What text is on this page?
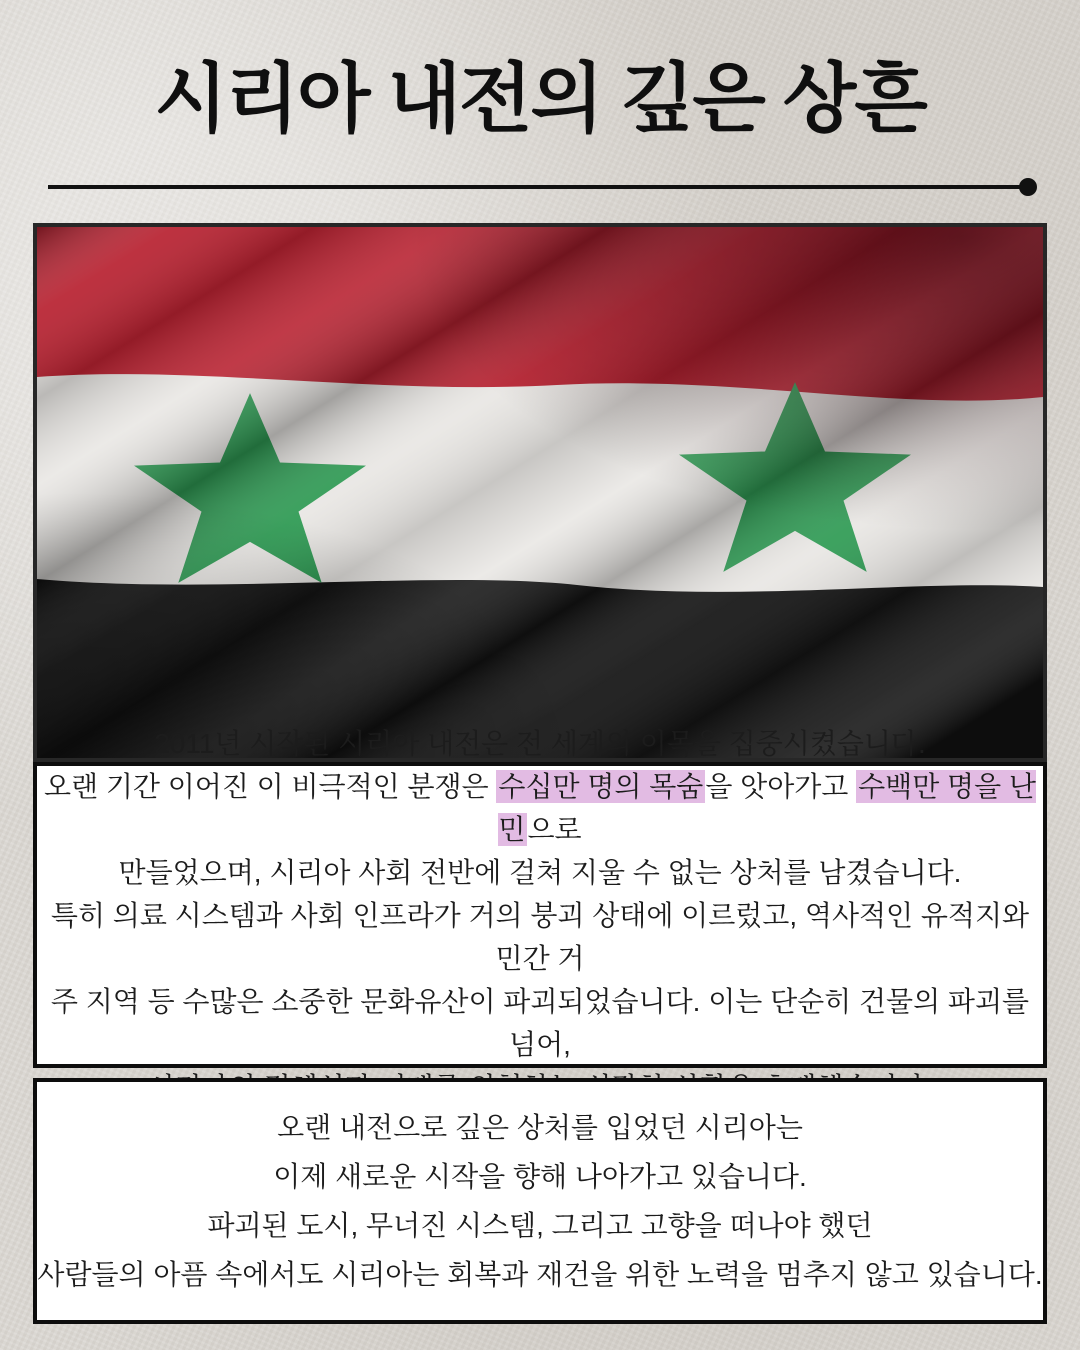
시리아 내전의 깊은 상흔

2011년 시작된 시리아 내전은 전 세계의 이목을 집중시켰습니다.

오랜 기간 이어진 이 비극적인 분쟁은 수십만 명의 목숨을 앗아가고 수백만 명을 난민으로

만들었으며, 시리아 사회 전반에 걸쳐 지울 수 없는 상처를 남겼습니다.

특히 의료 시스템과 사회 인프라가 거의 붕괴 상태에 이르렀고, 역사적인 유적지와 민간 거

주 지역 등 수많은 소중한 문화유산이 파괴되었습니다. 이는 단순히 건물의 파괴를 넘어,

오랜 내전으로 깊은 상처를 입었던 시리아는

이제 새로운 시작을 향해 나아가고 있습니다.

파괴된 도시, 무너진 시스템, 그리고 고향을 떠나야 했던

사람들의 아픔 속에서도 시리아는 회복과 재건을 위한 노력을 멈추지 않고 있습니다.
